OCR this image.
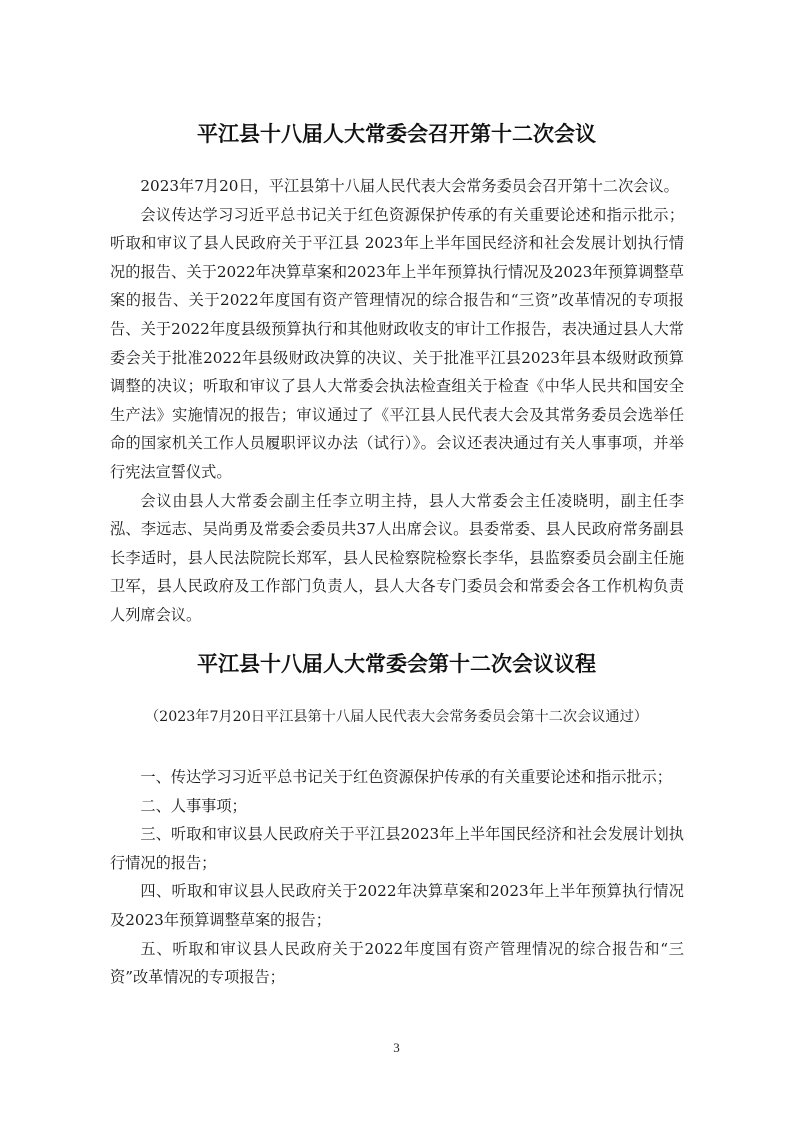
平江县十八届人大常委会召开第十二次会议

2023年7月20日，平江县第十八届人民代表大会常务委员会召开第十二次会议。

会议传达学习习近平总书记关于红色资源保护传承的有关重要论述和指示批示；听取和审议了县人民政府关于平江县 2023年上半年国民经济和社会发展计划执行情况的报告、关于2022年决算草案和2023年上半年预算执行情况及2023年预算调整草案的报告、关于2022年度国有资产管理情况的综合报告和“三资”改革情况的专项报告、关于2022年度县级预算执行和其他财政收支的审计工作报告，表决通过县人大常委会关于批准2022年县级财政决算的决议、关于批准平江县2023年县本级财政预算调整的决议；听取和审议了县人大常委会执法检查组关于检查《中华人民共和国安全生产法》实施情况的报告；审议通过了《平江县人民代表大会及其常务委员会选举任命的国家机关工作人员履职评议办法（试行）》。会议还表决通过有关人事事项，并举行宪法宣誓仪式。

会议由县人大常委会副主任李立明主持，县人大常委会主任凌晓明，副主任李泓、李远志、吴尚勇及常委会委员共37人出席会议。县委常委、县人民政府常务副县长李适时，县人民法院院长郑军，县人民检察院检察长李华，县监察委员会副主任施卫军，县人民政府及工作部门负责人，县人大各专门委员会和常委会各工作机构负责人列席会议。

平江县十八届人大常委会第十二次会议议程

（2023年7月20日平江县第十八届人民代表大会常务委员会第十二次会议通过）

一、传达学习习近平总书记关于红色资源保护传承的有关重要论述和指示批示；

二、人事事项；

三、听取和审议县人民政府关于平江县2023年上半年国民经济和社会发展计划执行情况的报告；

四、听取和审议县人民政府关于2022年决算草案和2023年上半年预算执行情况及2023年预算调整草案的报告；

五、听取和审议县人民政府关于2022年度国有资产管理情况的综合报告和“三资”改革情况的专项报告；

3
